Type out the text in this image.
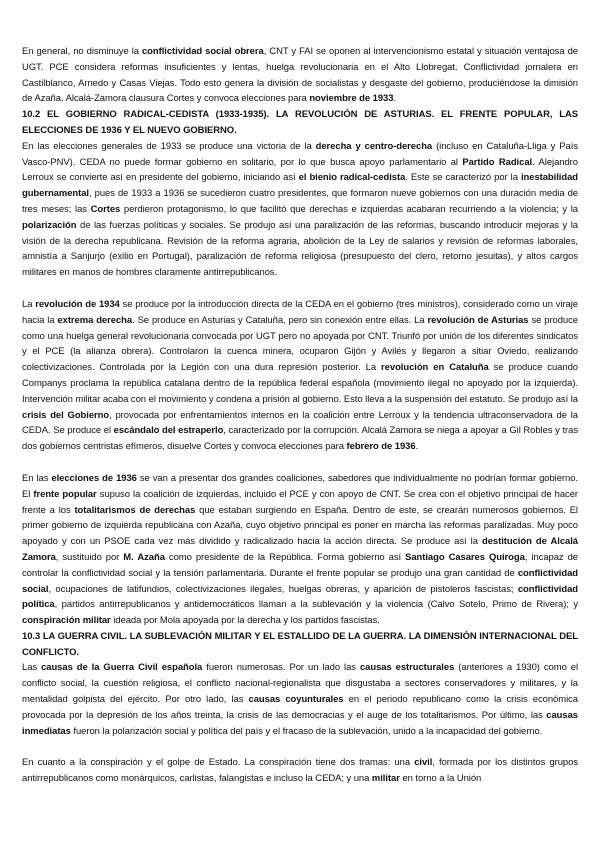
En general, no disminuye la conflictividad social obrera, CNT y FAI se oponen al intervencionismo estatal y situación ventajosa de UGT. PCE considera reformas insuficientes y lentas, huelga revolucionaria en el Alto Llobregat. Conflictividad jornalera en Castilblanco, Arnedo y Casas Viejas. Todo esto genera la división de socialistas y desgaste del gobierno, produciéndose la dimisión de Azaña. Alcalá-Zamora clausura Cortes y convoca elecciones para noviembre de 1933.

10.2 EL GOBIERNO RADICAL-CEDISTA (1933-1935). LA REVOLUCIÓN DE ASTURIAS. EL FRENTE POPULAR, LAS ELECCIONES DE 1936 Y EL NUEVO GOBIERNO.

En las elecciones generales de 1933 se produce una victoria de la derecha y centro-derecha (incluso en Cataluña-Lliga y País Vasco-PNV). CEDA no puede formar gobierno en solitario, por lo que busca apoyo parlamentario al Partido Radical. Alejandro Lerroux se convierte así en presidente del gobierno, iniciando así el bienio radical-cedista. Este se caracterizó por la inestabilidad gubernamental, pues de 1933 a 1936 se sucedieron cuatro presidentes, que formaron nueve gobiernos con una duración media de tres meses; las Cortes perdieron protagonismo, lo que facilitó que derechas e izquierdas acabaran recurriendo a la violencia; y la polarización de las fuerzas políticas y sociales. Se produjo así una paralización de las reformas, buscando introducir mejoras y la visión de la derecha republicana. Revisión de la reforma agraria, abolición de la Ley de salarios y revisión de reformas laborales, amnistía a Sanjurjo (exilio en Portugal), paralización de reforma religiosa (presupuesto del clero, retorno jesuitas), y altos cargos militares en manos de hombres claramente antirrepublicanos.

La revolución de 1934 se produce por la introducción directa de la CEDA en el gobierno (tres ministros), considerado como un viraje hacia la extrema derecha. Se produce en Asturias y Cataluña, pero sin conexión entre ellas. La revolución de Asturias se produce como una huelga general revolucionaria convocada por UGT pero no apoyada por CNT. Triunfó por unión de los diferentes sindicatos y el PCE (la alianza obrera). Controlaron la cuenca minera, ocuparon Gijón y Avilés y llegaron a sitiar Oviedo, realizando colectivizaciones. Controlada por la Legión con una dura represión posterior. La revolución en Cataluña se produce cuando Companys proclama la república catalana dentro de la república federal española (movimiento ilegal no apoyado por la izquierda). Intervención militar acaba con el movimiento y condena a prisión al gobierno. Esto lleva a la suspensión del estatuto. Se produjo así la crisis del Gobierno, provocada por enfrentamientos internos en la coalición entre Lerroux y la tendencia ultraconservadora de la CEDA. Se produce el escándalo del estraperlo, caracterizado por la corrupción. Alcalá Zamora se niega a apoyar a Gil Robles y tras dos gobiernos centristas efímeros, disuelve Cortes y convoca elecciones para febrero de 1936.

En las elecciones de 1936 se van a presentar dos grandes coaliciones, sabedores que individualmente no podrían formar gobierno. El frente popular supuso la coalición de izquierdas, incluido el PCE y con apoyo de CNT. Se crea con el objetivo principal de hacer frente a los totalitarismos de derechas que estaban surgiendo en España. Dentro de este, se crearán numerosos gobiernos. El primer gobierno de izquierda republicana con Azaña, cuyo objetivo principal es poner en marcha las reformas paralizadas. Muy poco apoyado y con un PSOE cada vez más dividido y radicalizado hacia la acción directa. Se produce así la destitución de Alcalá Zamora, sustituido por M. Azaña como presidente de la República. Forma gobierno así Santiago Casares Quiroga, incapaz de controlar la conflictividad social y la tensión parlamentaria. Durante el frente popular se produjo una gran cantidad de conflictividad social, ocupaciones de latifundios, colectivizaciones ilegales, huelgas obreras, y aparición de pistoleros fascistas; conflictividad política, partidos antirrepublicanos y antidemocráticos llaman a la sublevación y la violencia (Calvo Sotelo, Primo de Rivera); y conspiración militar ideada por Mola apoyada por la derecha y los partidos fascistas.

10.3 LA GUERRA CIVIL. LA SUBLEVACIÓN MILITAR Y EL ESTALLIDO DE LA GUERRA. LA DIMENSIÓN INTERNACIONAL DEL CONFLICTO.

Las causas de la Guerra Civil española fueron numerosas. Por un lado las causas estructurales (anteriores a 1930) como el conflicto social, la cuestión religiosa, el conflicto nacional-regionalista que disgustaba a sectores conservadores y militares, y la mentalidad golpista del ejército. Por otro lado, las causas coyunturales en el periodo republicano como la crisis económica provocada por la depresión de los años treinta, la crisis de las democracias y el auge de los totalitarismos. Por último, las causas inmediatas fueron la polarización social y política del país y el fracaso de la sublevación, unido a la incapacidad del gobierno.

En cuanto a la conspiración y el golpe de Estado. La conspiración tiene dos tramas: una civil, formada por los distintos grupos antirrepublicanos como monárquicos, carlistas, falangistas e incluso la CEDA; y una militar en torno a la Unión
